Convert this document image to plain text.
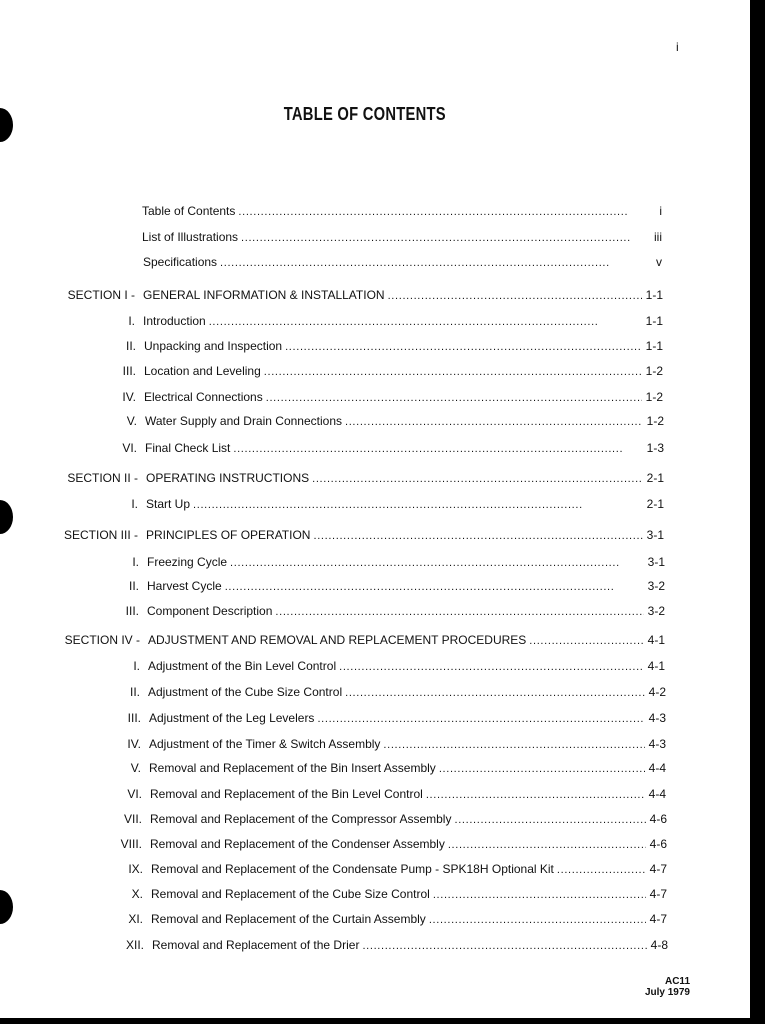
i
TABLE OF CONTENTS
Table of Contents . . .	i
List of Illustrations . . .	iii
Specifications . . .	v
SECTION I - GENERAL INFORMATION & INSTALLATION . . .	1-1
I. Introduction . . .	1-1
II. Unpacking and Inspection . . .	1-1
III. Location and Leveling . . .	1-2
IV. Electrical Connections . . .	1-2
V. Water Supply and Drain Connections . . .	1-2
VI. Final Check List . . .	1-3
SECTION II - OPERATING INSTRUCTIONS . . .	2-1
I. Start Up . . .	2-1
SECTION III - PRINCIPLES OF OPERATION . . .	3-1
I. Freezing Cycle . . .	3-1
II. Harvest Cycle . . .	3-2
III. Component Description . . .	3-2
SECTION IV - ADJUSTMENT AND REMOVAL AND REPLACEMENT PROCEDURES . . .	4-1
I. Adjustment of the Bin Level Control . . .	4-1
II. Adjustment of the Cube Size Control . . .	4-2
III. Adjustment of the Leg Levelers . . .	4-3
IV. Adjustment of the Timer & Switch Assembly . . .	4-3
V. Removal and Replacement of the Bin Insert Assembly . . .	4-4
VI. Removal and Replacement of the Bin Level Control . . .	4-4
VII. Removal and Replacement of the Compressor Assembly . . .	4-6
VIII. Removal and Replacement of the Condenser Assembly . . .	4-6
IX. Removal and Replacement of the Condensate Pump - SPK18H Optional Kit . . .	4-7
X. Removal and Replacement of the Cube Size Control . . .	4-7
XI. Removal and Replacement of the Curtain Assembly . . .	4-7
XII. Removal and Replacement of the Drier . . .	4-8
AC11
July 1979
